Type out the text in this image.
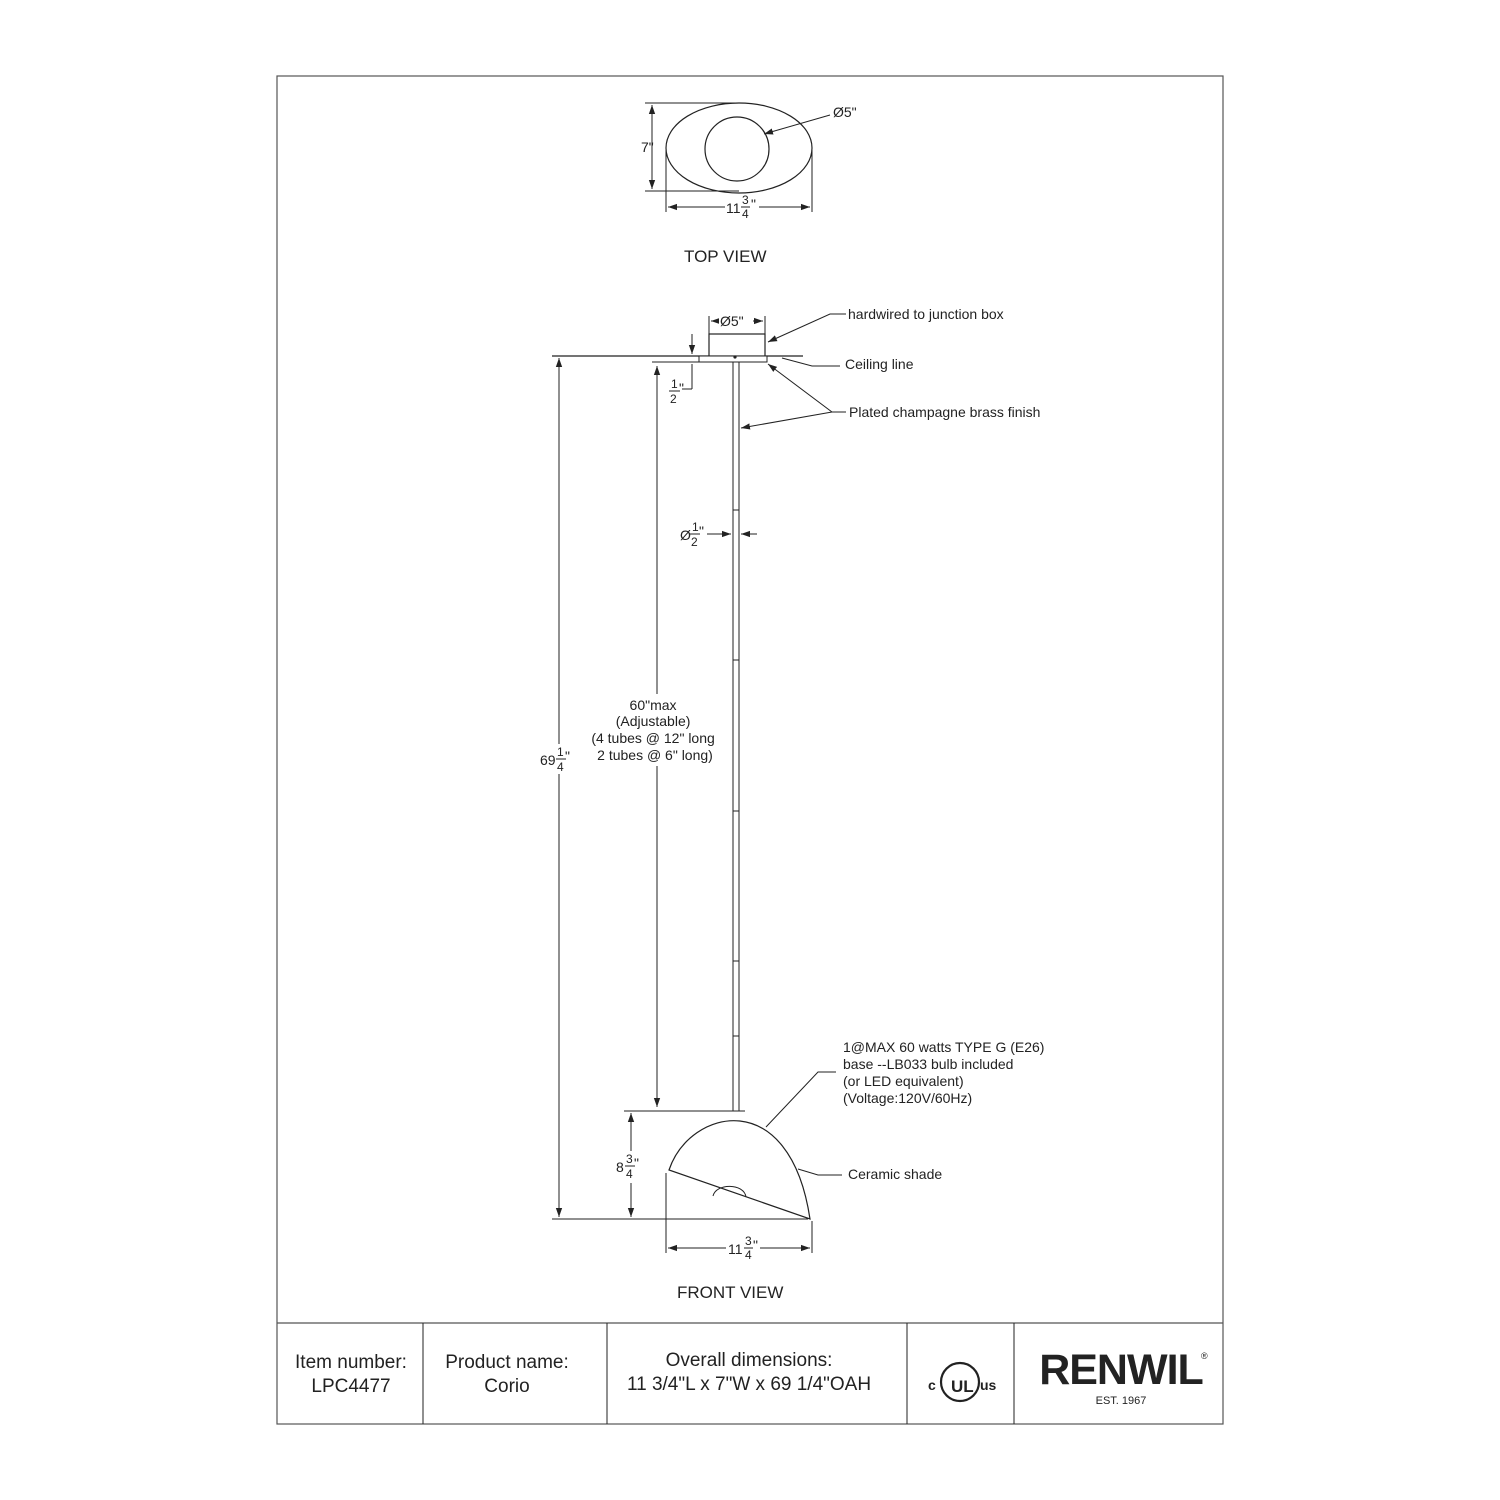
7"
11 3
4
"
Ø5"
TOP VIEW
Ø5"
1
2
"
Ø 1
2
"
60"max (Adjustable) (4 tubes @ 12" long 2 tubes @ 6" long)
69 1
4
"
8 3
4
"
11 3
4
"
hardwired to junction box
Ceiling line
Plated champagne brass finish
1@MAX 60 watts TYPE G (E26) base --LB033 bulb included (or LED equivalent) (Voltage:120V/60Hz)
Ceramic shade
FRONT VIEW
Item number:
LPC4477
Product name:
Corio
Overall dimensions:
11 3/4"L x 7"W x 69 1/4"OAH	UL
c	us RENWIL
®
EST. 1967
